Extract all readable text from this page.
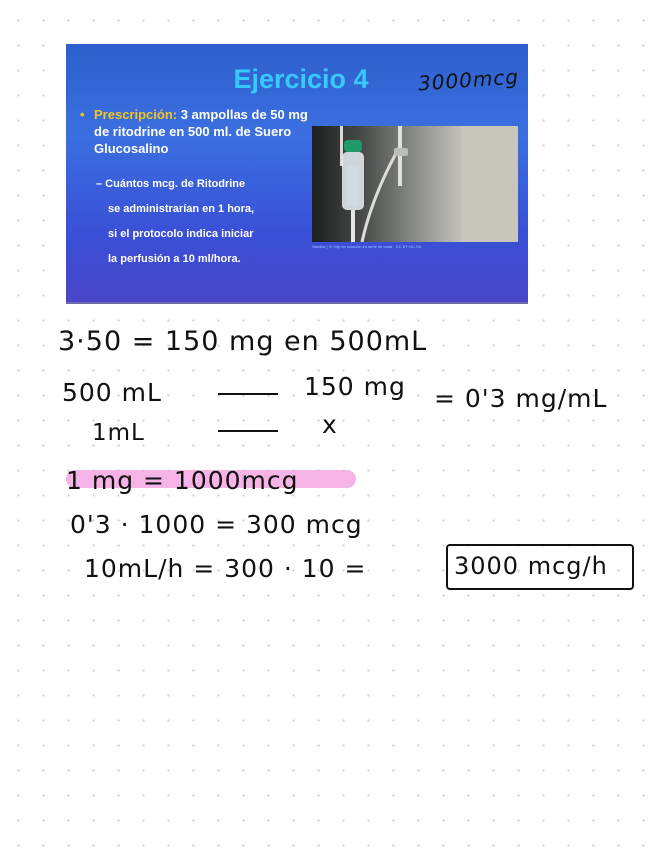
Ejercicio 4
• Prescripción: 3 ampollas de 50 mg de ritodrine en 500 ml. de Suero Glucosalino
– Cuántos mcg. de Ritodrine
se administrarían en 1 hora,
si el protocolo indica iniciar
la perfusión a 10 ml/hora.
Sandila | IV drip de solución en serie de cada · CC BY-NC-SA
3000mcg
3·50 = 150 mg en 500mL
500 mL	150 mg = 0'3 mg/mL
1mL	x
1 mg = 1000mcg
0'3 · 1000 = 300 mcg
10mL/h = 300 · 10 =	3000 mcg/h
